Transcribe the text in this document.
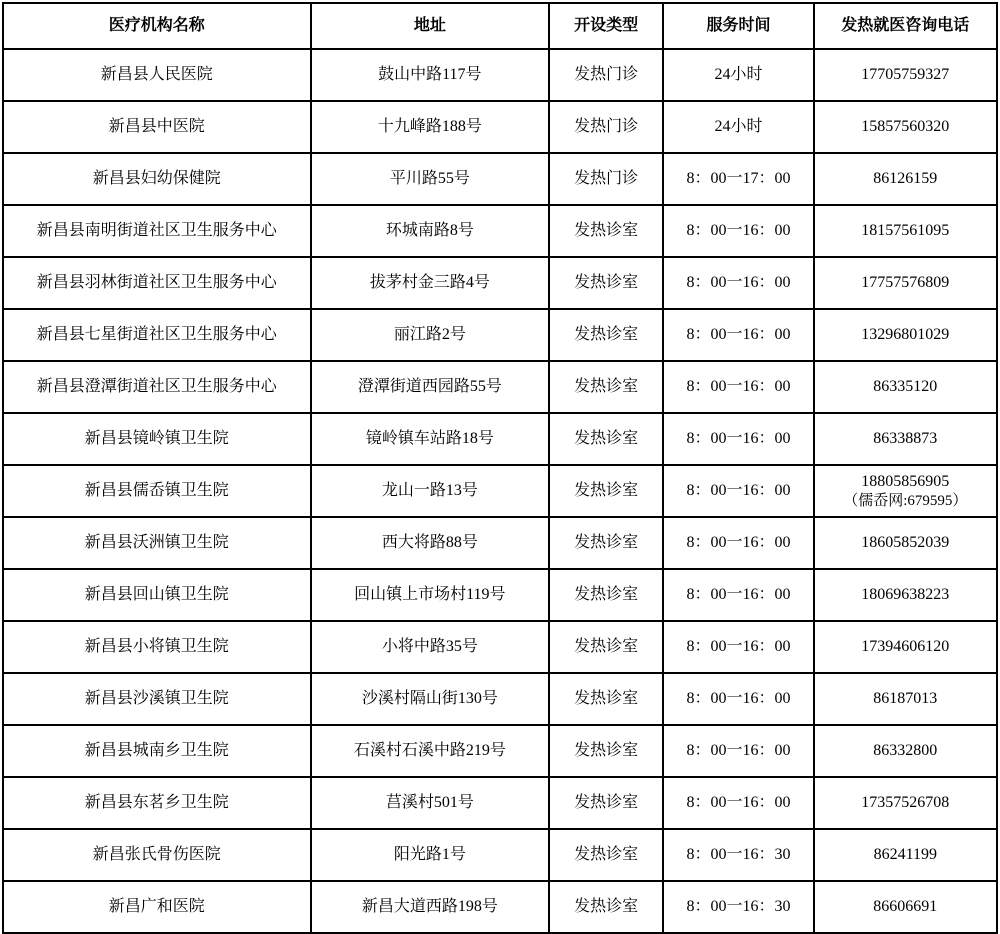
医疗机构名称	地址	开设类型	服务时间	发热就医咨询电话
新昌县人民医院	鼓山中路117号	发热门诊	24小时	17705759327

新昌县中医院	十九峰路188号	发热门诊	24小时	15857560320

新昌县妇幼保健院	平川路55号	发热门诊	8：00一17：00	86126159

新昌县南明街道社区卫生服务中心	环城南路8号	发热诊室	8：00一16：00	18157561095

新昌县羽林街道社区卫生服务中心	拔茅村金三路4号	发热诊室	8：00一16：00	17757576809

新昌县七星街道社区卫生服务中心	丽江路2号	发热诊室	8：00一16：00	13296801029

新昌县澄潭街道社区卫生服务中心	澄潭街道西园路55号	发热诊室	8：00一16：00	86335120

新昌县镜岭镇卫生院	镜岭镇车站路18号	发热诊室	8：00一16：00	86338873

新昌县儒岙镇卫生院	龙山一路13号	发热诊室	8：00一16：00	18805856905
（儒岙网:679595）

新昌县沃洲镇卫生院	西大将路88号	发热诊室	8：00一16：00	18605852039

新昌县回山镇卫生院	回山镇上市场村119号	发热诊室	8：00一16：00	18069638223

新昌县小将镇卫生院	小将中路35号	发热诊室	8：00一16：00	17394606120

新昌县沙溪镇卫生院	沙溪村隔山街130号	发热诊室	8：00一16：00	86187013

新昌县城南乡卫生院	石溪村石溪中路219号	发热诊室	8：00一16：00	86332800

新昌县东茗乡卫生院	莒溪村501号	发热诊室	8：00一16：00	17357526708

新昌张氏骨伤医院	阳光路1号	发热诊室	8：00一16：30	86241199

新昌广和医院	新昌大道西路198号	发热诊室	8：00一16：30	86606691
